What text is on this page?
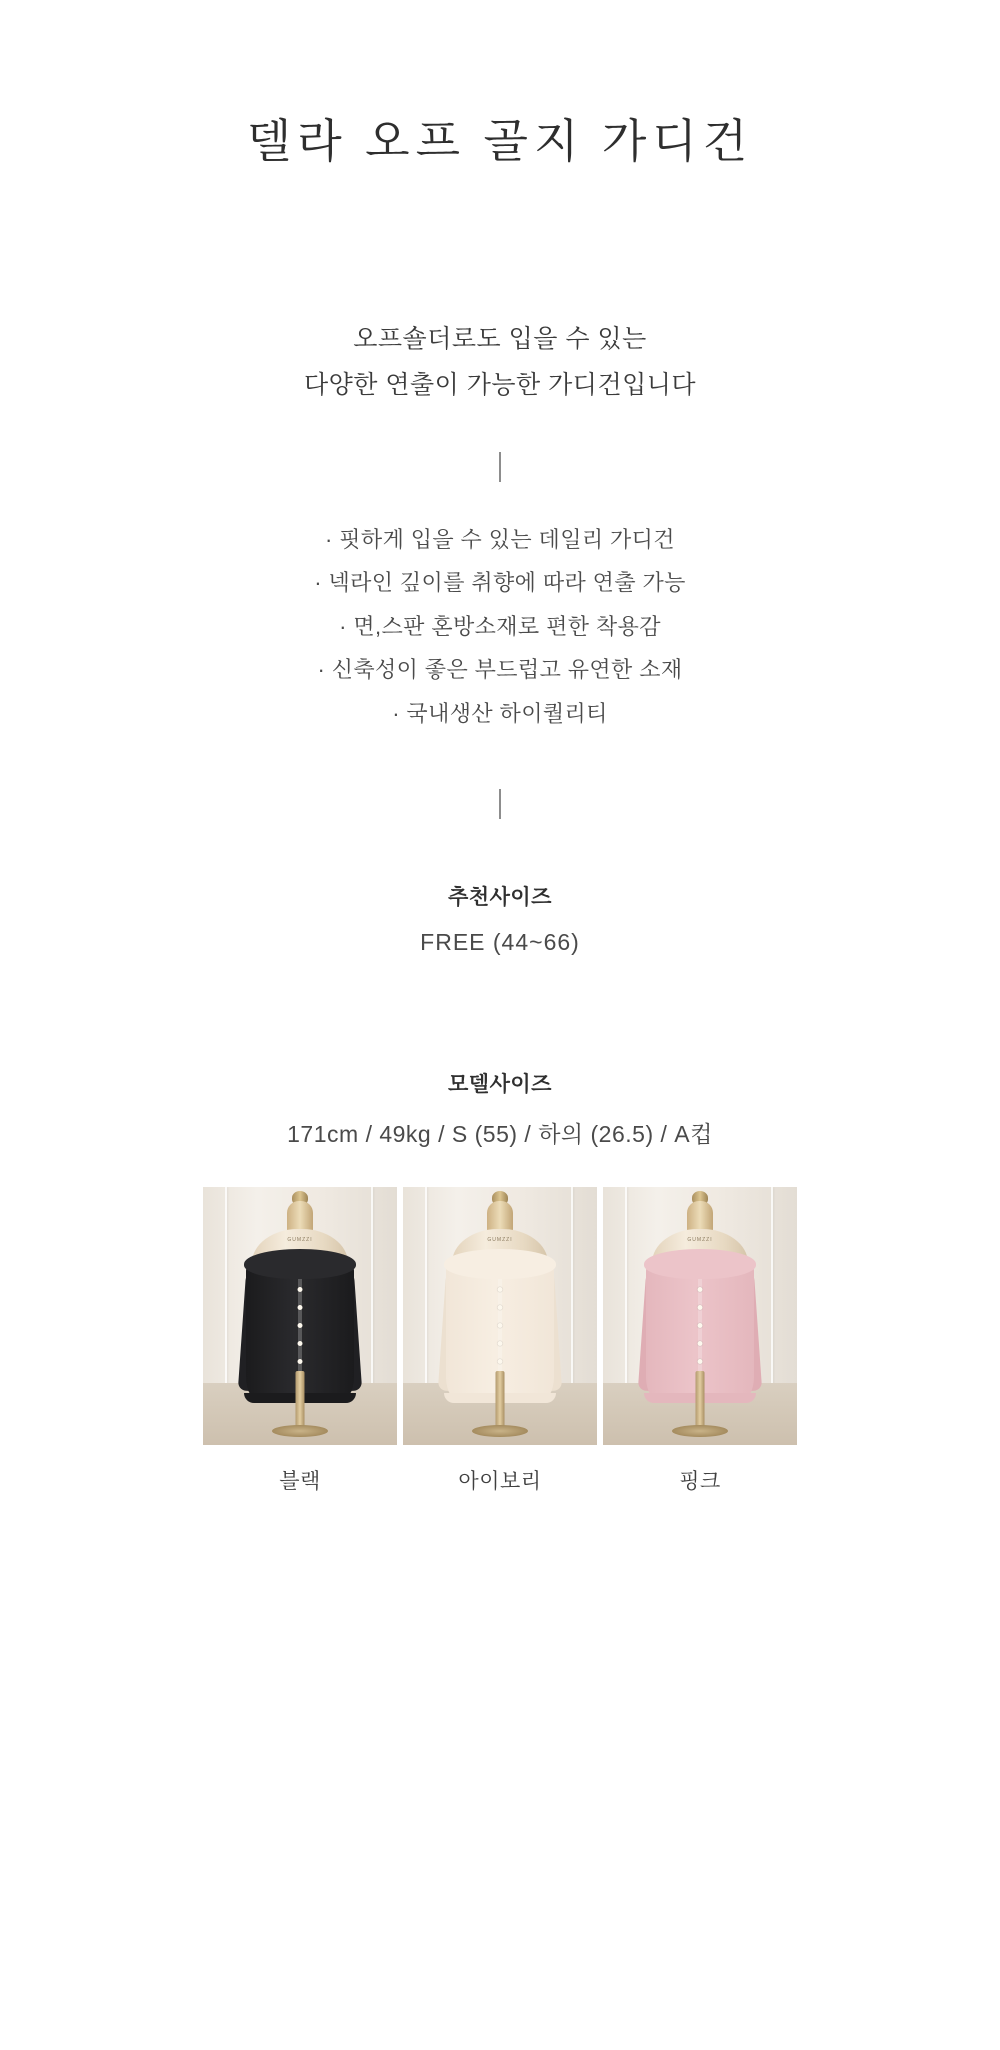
델라 오프 골지 가디건
오프숄더로도 입을 수 있는
다양한 연출이 가능한 가디건입니다
· 핏하게 입을 수 있는 데일리 가디건
· 넥라인 깊이를 취향에 따라 연출 가능
· 면,스판 혼방소재로 편한 착용감
· 신축성이 좋은 부드럽고 유연한 소재
· 국내생산 하이퀄리티
추천사이즈
FREE (44~66)
모델사이즈
171cm / 49kg / S (55) / 하의 (26.5) / A컵
GUMZZI
블랙
GUMZZI
아이보리
GUMZZI
핑크
